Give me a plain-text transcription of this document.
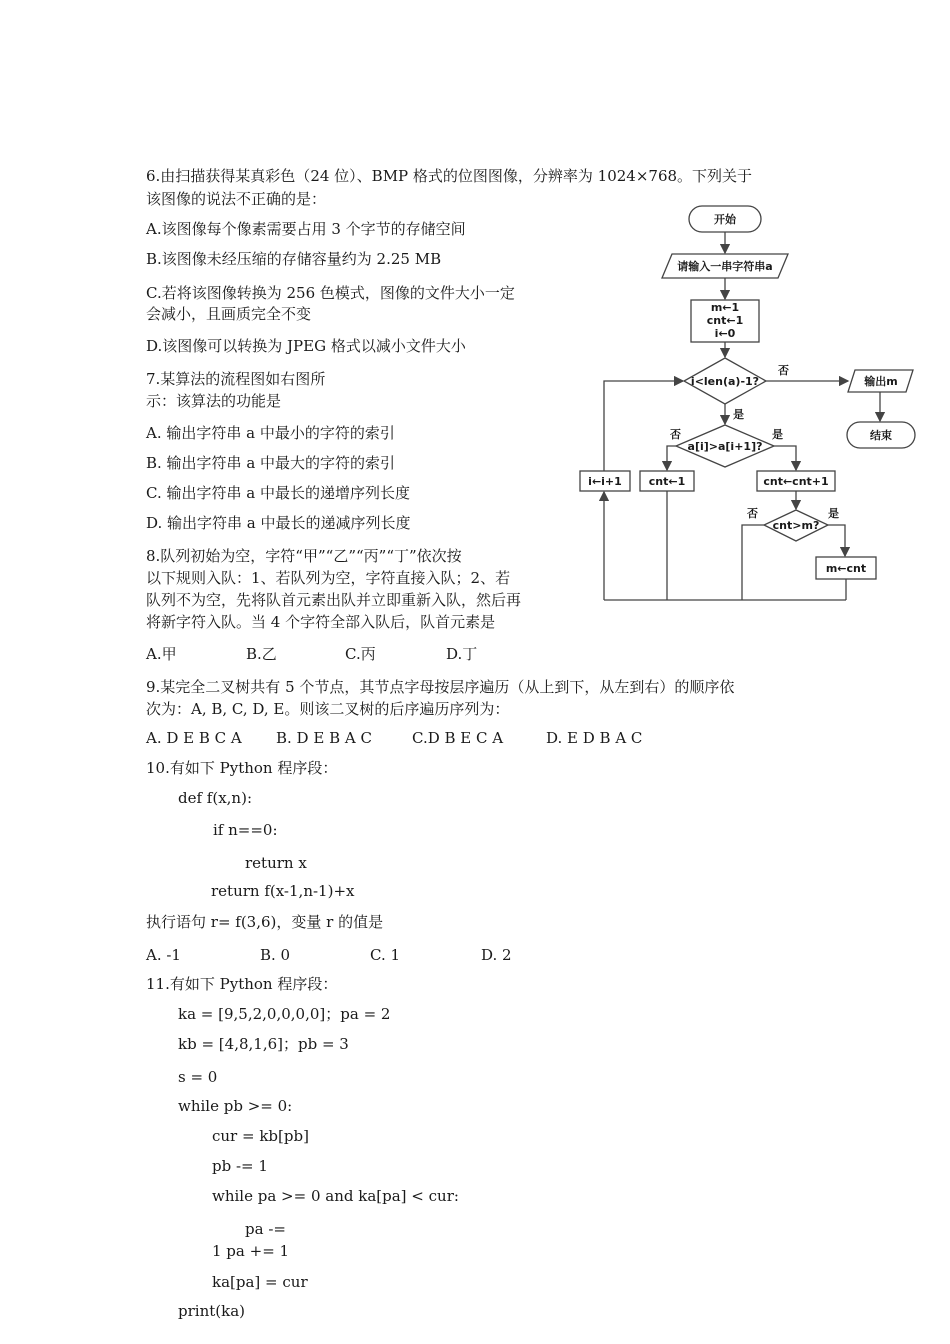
6.由扫描获得某真彩色（24 位）、BMP 格式的位图图像，分辨率为 1024×768。下列关于
该图像的说法不正确的是：
A.该图像每个像素需要占用 3 个字节的存储空间
B.该图像未经压缩的存储容量约为 2.25 MB
C.若将该图像转换为 256 色模式，图像的文件大小一定
会减小，且画质完全不变
D.该图像可以转换为 JPEG 格式以减小文件大小
7.某算法的流程图如右图所
示：该算法的功能是
A. 输出字符串 a 中最小的字符的索引
B. 输出字符串 a 中最大的字符的索引
C. 输出字符串 a 中最长的递增序列长度
D. 输出字符串 a 中最长的递减序列长度
8.队列初始为空，字符“甲”“乙”“丙”“丁”依次按
以下规则入队：1、若队列为空，字符直接入队；2、若
队列不为空，先将队首元素出队并立即重新入队，然后再
将新字符入队。当 4 个字符全部入队后，队首元素是
A.甲	B.乙	C.丙	D.丁
9.某完全二叉树共有 5 个节点，其节点字母按层序遍历（从上到下，从左到右）的顺序依
次为：A, B, C, D, E。则该二叉树的后序遍历序列为：
A. D E B C A B. D E B A C	C.D B E C A	D. E D B A C
10.有如下 Python 程序段：
def f(x,n):
if n==0:
return x
return f(x-1,n-1)+x
执行语句 r= f(3,6)，变量 r 的值是
A. -1	B. 0	C. 1	D. 2
11.有如下 Python 程序段：
ka = [9,5,2,0,0,0,0]；pa = 2
kb = [4,8,1,6]；pb = 3
s = 0
while pb >= 0:
cur = kb[pb]
pb -= 1
while pa >= 0 and ka[pa] < cur:
pa -=
1 pa += 1
ka[pa] = cur
print(ka)
开始
请输入一串字符串a
m←1
cnt←1
i←0
i<len(a)-1?
否
输出m
结束
是
a[i]>a[i+1]?
否
cnt←1
是
cnt←cnt+1
cnt>m?
否	是
m←cnt
i←i+1
